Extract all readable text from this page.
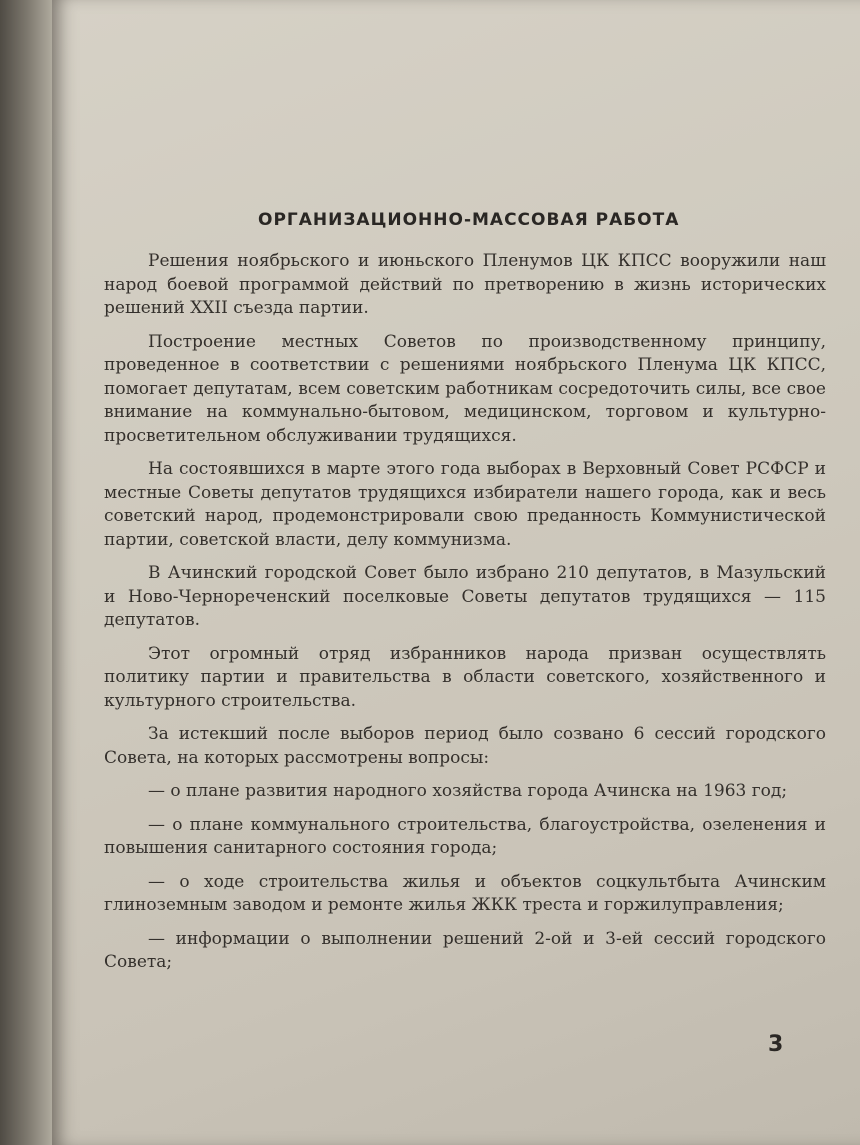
ОРГАНИЗАЦИОННО-МАССОВАЯ РАБОТА

Решения ноябрьского и июньского Пленумов ЦК КПСС вооружили наш народ боевой программой действий по претворению в жизнь исторических решений XXII съезда партии.

Построение местных Советов по производственному принципу, проведенное в соответствии с решениями ноябрьского Пленума ЦК КПСС, помогает депутатам, всем советским работникам сосредоточить силы, все свое внимание на коммунально-бытовом, медицинском, торговом и культурно-просветительном обслуживании трудящихся.

На состоявшихся в марте этого года выборах в Верховный Совет РСФСР и местные Советы депутатов трудящихся избиратели нашего города, как и весь советский народ, продемонстрировали свою преданность Коммунистической партии, советской власти, делу коммунизма.

В Ачинский городской Совет было избрано 210 депутатов, в Мазульский и Ново-Чернореченский поселковые Советы депутатов трудящихся — 115 депутатов.

Этот огромный отряд избранников народа призван осуществлять политику партии и правительства в области советского, хозяйственного и культурного строительства.

За истекший после выборов период было созвано 6 сессий городского Совета, на которых рассмотрены вопросы:

— о плане развития народного хозяйства города Ачинска на 1963 год;

— о плане коммунального строительства, благоустройства, озеленения и повышения санитарного состояния города;

— о ходе строительства жилья и объектов соцкультбыта Ачинским глиноземным заводом и ремонте жилья ЖКК треста и горжилуправления;

— информации о выполнении решений 2-ой и 3-ей сессий городского Совета;

3
